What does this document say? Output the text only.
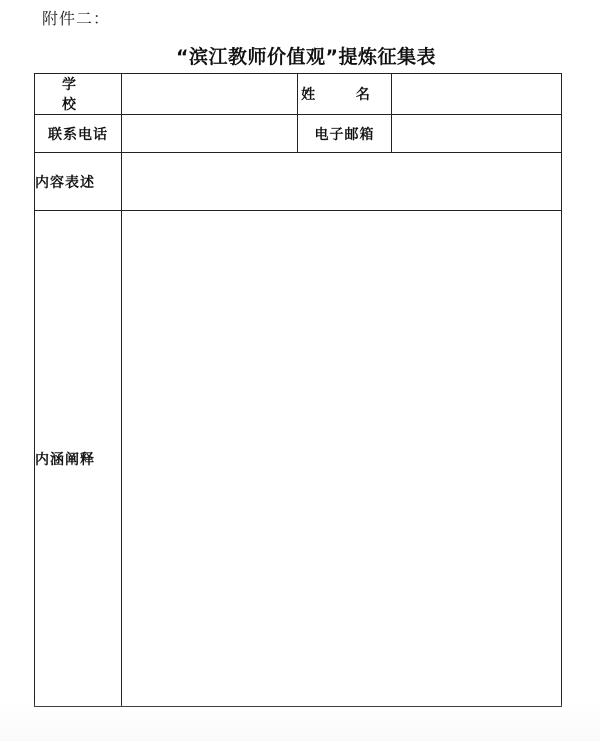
附件二：
“滨江教师价值观”提炼征集表
学 校		姓 名	
联系电话		电子邮箱	
内容表述			
内涵阐释			
